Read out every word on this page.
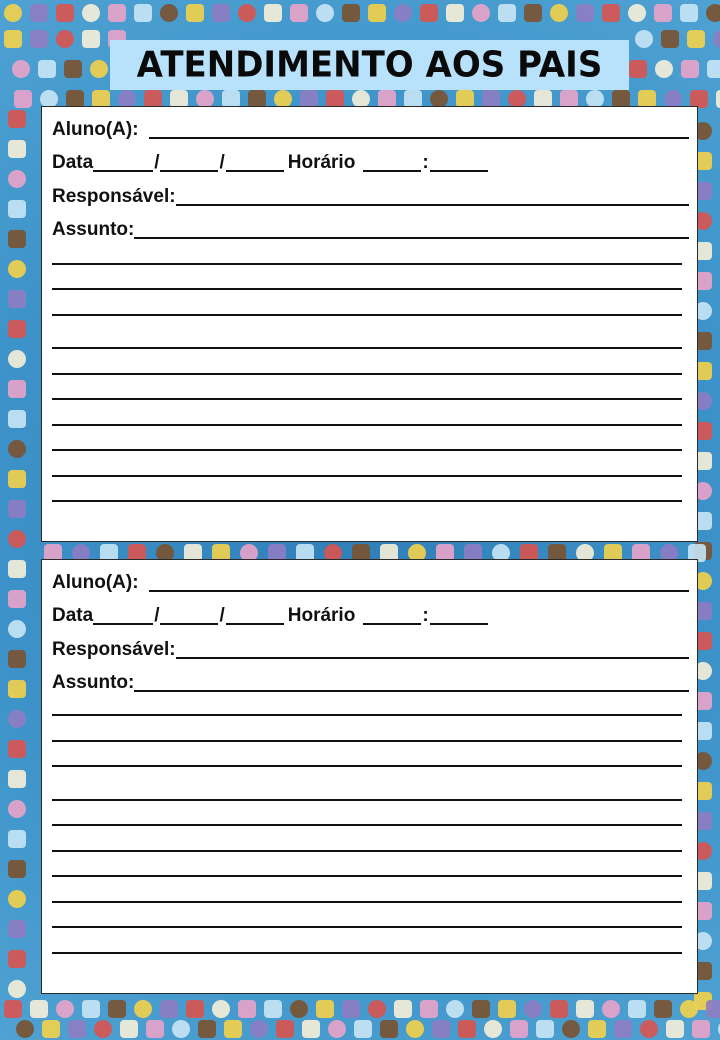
ATENDIMENTO AOS PAIS
Aluno(A):
Data	/	/	Horário	:
Responsável:
Assunto:
Aluno(A):
Data	/	/	Horário	:
Responsável:
Assunto:
